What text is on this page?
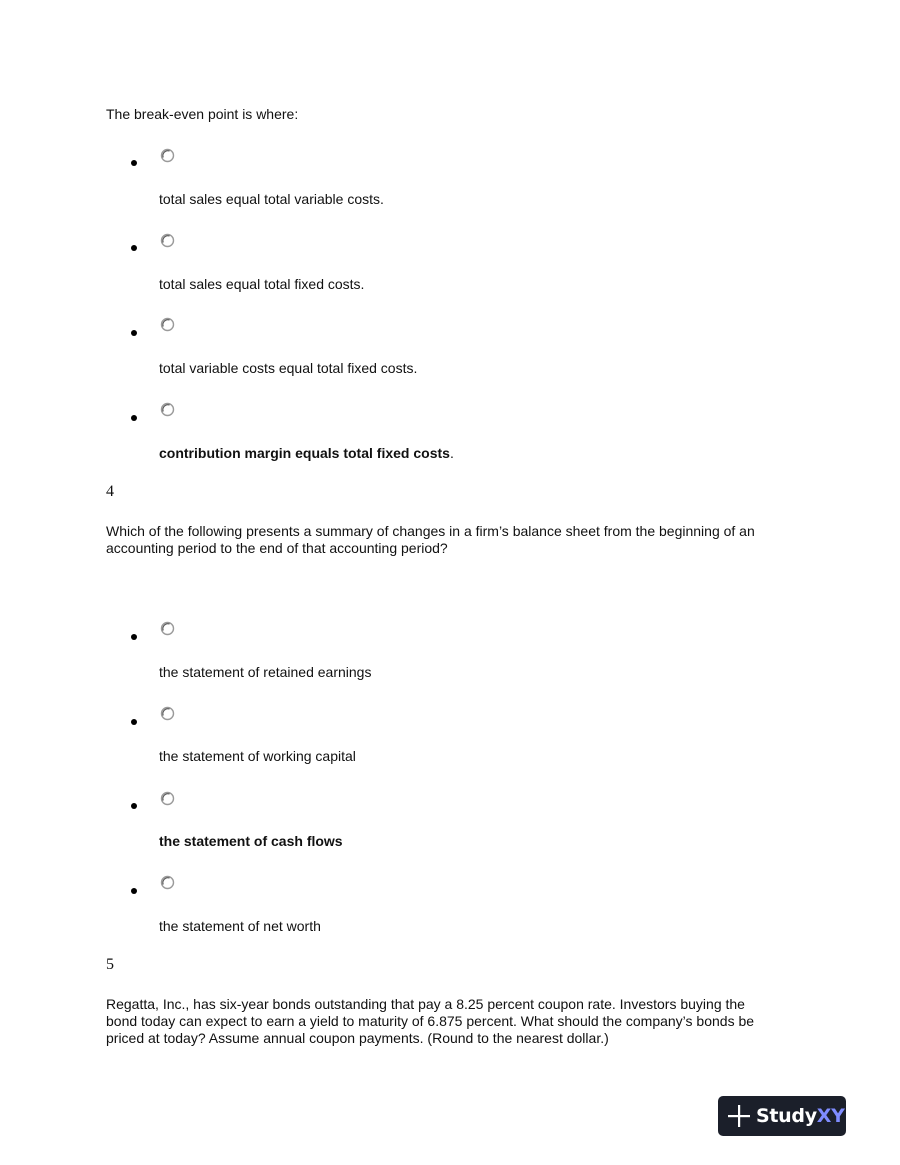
The break-even point is where:
total sales equal total variable costs.
total sales equal total fixed costs.
total variable costs equal total fixed costs.
contribution margin equals total fixed costs.
4
Which of the following presents a summary of changes in a firm’s balance sheet from the beginning of an
accounting period to the end of that accounting period?
the statement of retained earnings
the statement of working capital
the statement of cash flows
the statement of net worth
5
Regatta, Inc., has six-year bonds outstanding that pay a 8.25 percent coupon rate. Investors buying the
bond today can expect to earn a yield to maturity of 6.875 percent. What should the company’s bonds be
priced at today? Assume annual coupon payments. (Round to the nearest dollar.)
StudyXY
